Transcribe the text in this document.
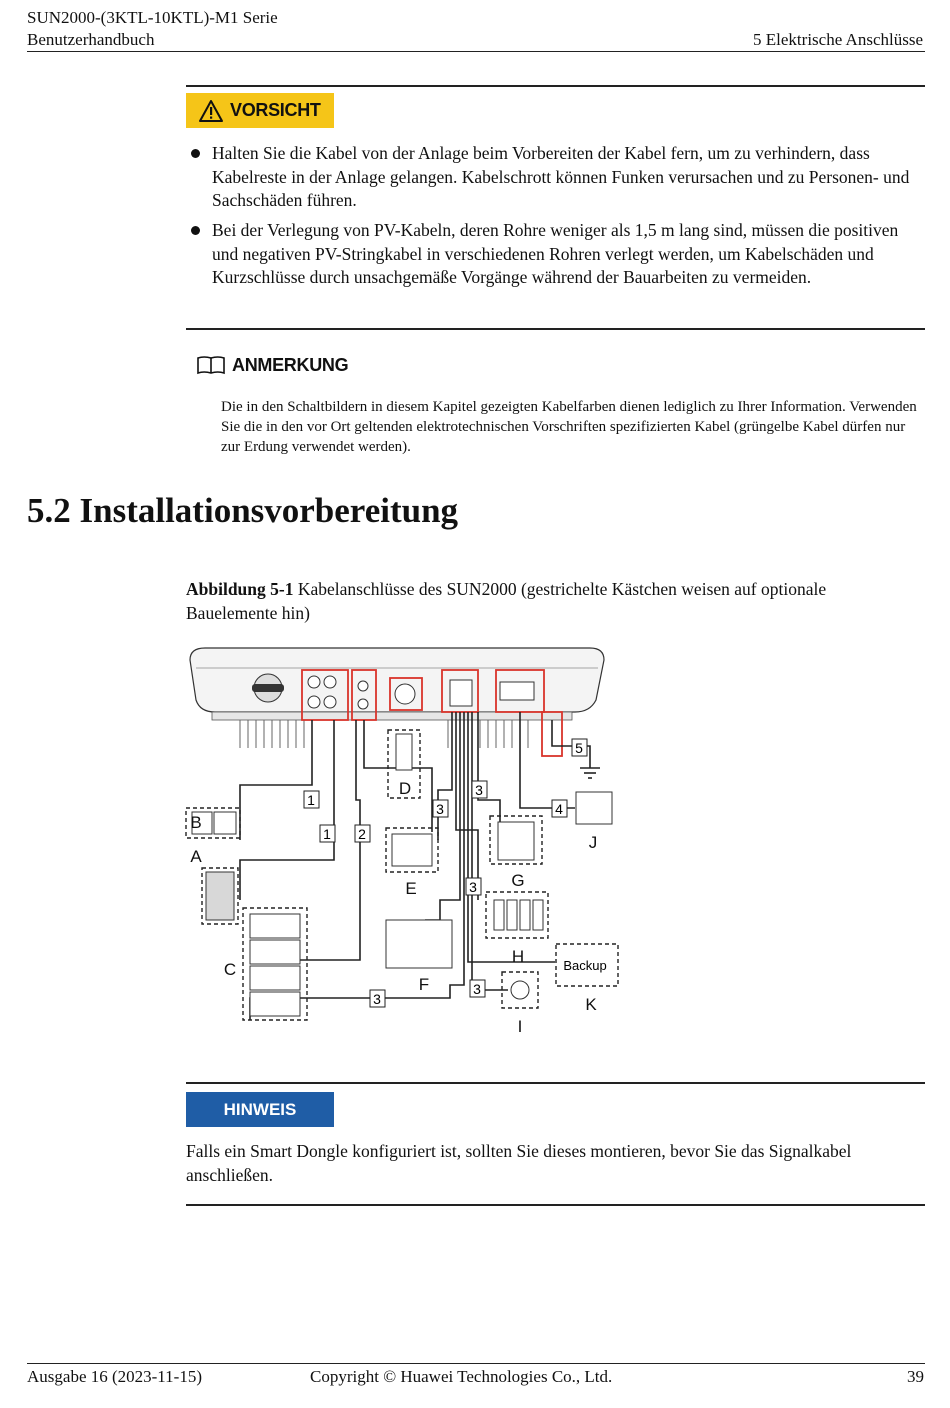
SUN2000-(3KTL-10KTL)-M1 Serie
Benutzerhandbuch	5 Elektrische Anschlüsse
VORSICHT
Halten Sie die Kabel von der Anlage beim Vorbereiten der Kabel fern, um zu verhindern, dass Kabelreste in der Anlage gelangen. Kabelschrott können Funken verursachen und zu Personen- und Sachschäden führen.
Bei der Verlegung von PV-Kabeln, deren Rohre weniger als 1,5 m lang sind, müssen die positiven und negativen PV-Stringkabel in verschiedenen Rohren verlegt werden, um Kabelschäden und Kurzschlüsse durch unsachgemäße Vorgänge während der Bauarbeiten zu vermeiden.
ANMERKUNG
Die in den Schaltbildern in diesem Kapitel gezeigten Kabelfarben dienen lediglich zu Ihrer Information. Verwenden Sie die in den vor Ort geltenden elektrotechnischen Vorschriften spezifizierten Kabel (grüngelbe Kabel dürfen nur zur Erdung verwendet werden).
5.2 Installationsvorbereitung
Abbildung 5-1 Kabelanschlüsse des SUN2000 (gestrichelte Kästchen weisen auf optionale Bauelemente hin)
1
1 2
3
3
3
3
3
4
5
A
B
C
D
E
F
G
H
I
J
K
Backup
HINWEIS
Falls ein Smart Dongle konfiguriert ist, sollten Sie dieses montieren, bevor Sie das Signalkabel anschließen.
Ausgabe 16 (2023-11-15)	Copyright © Huawei Technologies Co., Ltd.	39
